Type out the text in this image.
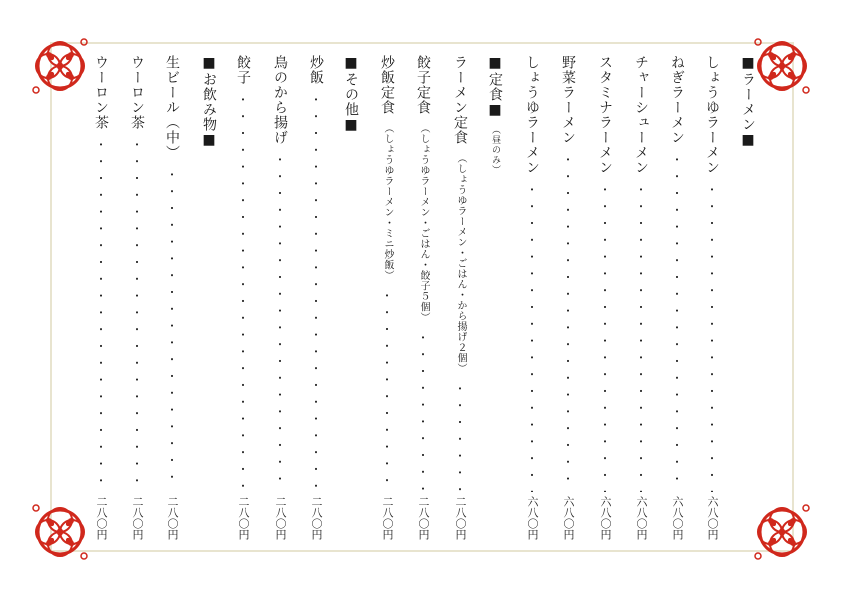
■ラーメン■
しょうゆラーメン
六八〇円
ねぎラーメン
六八〇円
チャーシューメン
六八〇円
スタミナラーメン
六八〇円
野菜ラーメン
六八〇円
しょうゆラーメン
六八〇円
■定食■
（昼のみ）
ラーメン定食
（しょうゆラーメン・ごはん・から揚げ２個）
二八〇円
餃子定食
（しょうゆラーメン・ごはん・餃子５個）
二八〇円
炒飯定食
（しょうゆラーメン・ミニ炒飯）
二八〇円
■その他■
炒飯
二八〇円
鳥のから揚げ
二八〇円
餃子
二八〇円
■お飲み物■
生ビール（中）
二八〇円
ウーロン茶
二八〇円
ウーロン茶
二八〇円
